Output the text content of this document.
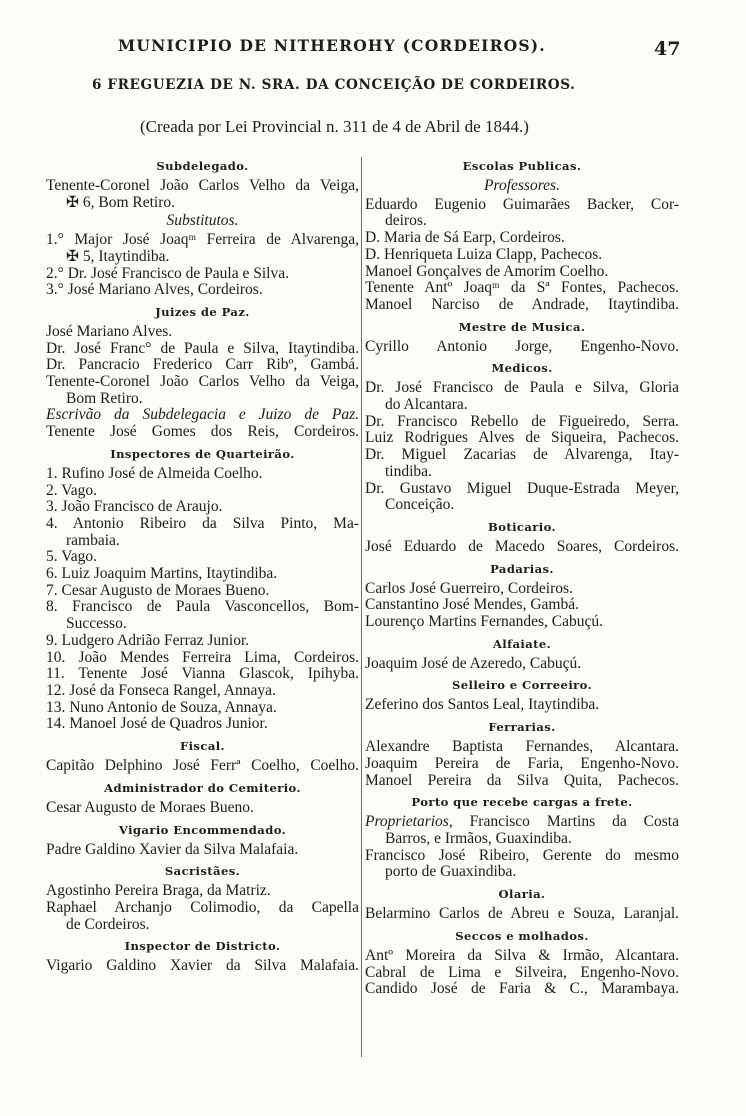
MUNICIPIO DE NITHEROHY (CORDEIROS).	47
6 FREGUEZIA DE N. SRA. DA CONCEIÇÃO DE CORDEIROS.
(Creada por Lei Provincial n. 311 de 4 de Abril de 1844.)
Subdelegado.
Tenente-Coronel João Carlos Velho da Veiga,
✠ 6, Bom Retiro.
Substitutos.
1.° Major José Joaqᵐ Ferreira de Alvarenga,
✠ 5, Itaytindiba.
2.° Dr. José Francisco de Paula e Silva.
3.° José Mariano Alves, Cordeiros.
Juizes de Paz.
José Mariano Alves.
Dr. José Franc° de Paula e Silva, Itaytindiba.
Dr. Pancracio Frederico Carr Ribº, Gambá.
Tenente-Coronel João Carlos Velho da Veiga,
Bom Retiro.
Escrivão da Subdelegacia e Juizo de Paz.
Tenente José Gomes dos Reis, Cordeiros.
Inspectores de Quarteirão.
1. Rufino José de Almeida Coelho.
2. Vago.
3. João Francisco de Araujo.
4. Antonio Ribeiro da Silva Pinto, Ma-
rambaia.
5. Vago.
6. Luiz Joaquim Martins, Itaytindiba.
7. Cesar Augusto de Moraes Bueno.
8. Francisco de Paula Vasconcellos, Bom-
Successo.
9. Ludgero Adrião Ferraz Junior.
10. João Mendes Ferreira Lima, Cordeiros.
11. Tenente José Vianna Glascok, Ipihyba.
12. José da Fonseca Rangel, Annaya.
13. Nuno Antonio de Souza, Annaya.
14. Manoel José de Quadros Junior.
Fiscal.
Capitão Delphino José Ferrª Coelho, Coelho.
Administrador do Cemiterio.
Cesar Augusto de Moraes Bueno.
Vigario Encommendado.
Padre Galdino Xavier da Silva Malafaia.
Sacristães.
Agostinho Pereira Braga, da Matriz.
Raphael Archanjo Colimodio, da Capella
de Cordeiros.
Inspector de Districto.
Vigario Galdino Xavier da Silva Malafaia.
Escolas Publicas.
Professores.
Eduardo Eugenio Guimarães Backer, Cor-
deiros.
D. Maria de Sá Earp, Cordeiros.
D. Henriqueta Luiza Clapp, Pachecos.
Manoel Gonçalves de Amorim Coelho.
Tenente Antº Joaqᵐ da Sª Fontes, Pachecos.
Manoel Narciso de Andrade, Itaytindiba.
Mestre de Musica.
Cyrillo Antonio Jorge, Engenho-Novo.
Medicos.
Dr. José Francisco de Paula e Silva, Gloria
do Alcantara.
Dr. Francisco Rebello de Figueiredo, Serra.
Luiz Rodrigues Alves de Siqueira, Pachecos.
Dr. Miguel Zacarias de Alvarenga, Itay-
tindiba.
Dr. Gustavo Miguel Duque-Estrada Meyer,
Conceição.
Boticario.
José Eduardo de Macedo Soares, Cordeiros.
Padarias.
Carlos José Guerreiro, Cordeiros.
Canstantino José Mendes, Gambá.
Lourenço Martins Fernandes, Cabuçú.
Alfaiate.
Joaquim José de Azeredo, Cabuçú.
Selleiro e Correeiro.
Zeferino dos Santos Leal, Itaytindiba.
Ferrarias.
Alexandre Baptista Fernandes, Alcantara.
Joaquim Pereira de Faria, Engenho-Novo.
Manoel Pereira da Silva Quita, Pachecos.
Porto que recebe cargas a frete.
Proprietarios, Francisco Martins da Costa
Barros, e Irmãos, Guaxindiba.
Francisco José Ribeiro, Gerente do mesmo
porto de Guaxindiba.
Olaria.
Belarmino Carlos de Abreu e Souza, Laranjal.
Seccos e molhados.
Antº Moreira da Silva & Irmão, Alcantara.
Cabral de Lima e Silveira, Engenho-Novo.
Candido José de Faria & C., Marambaya.
